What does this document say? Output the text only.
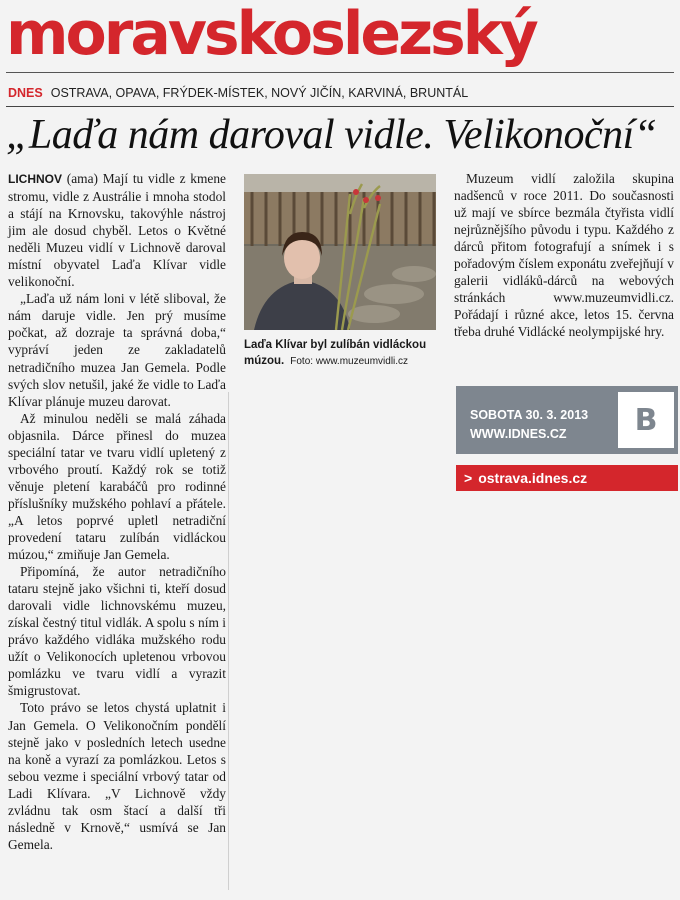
moravskoslezský
DNES OSTRAVA, OPAVA, FRÝDEK-MÍSTEK, NOVÝ JIČÍN, KARVINÁ, BRUNTÁL
„Laďa nám daroval vidle. Velikonoční“

LICHNOV (ama) Mají tu vidle z kmene stromu, vidle z Austrálie i mnoha stodol a stájí na Krnovsku, takovýhle nástroj jim ale dosud chyběl. Letos o Květné neděli Muzeu vidlí v Lichnově daroval místní obyvatel Laďa Klívar vidle velikonoční.

„Laďa už nám loni v létě sliboval, že nám daruje vidle. Jen prý musíme počkat, až dozraje ta správná doba,“ vypráví jeden ze zakladatelů netradičního muzea Jan Gemela. Podle svých slov netušil, jaké že vidle to Laďa Klívar plánuje muzeu darovat.

Až minulou neděli se malá záhada objasnila. Dárce přinesl do muzea speciální tatar ve tvaru vidlí upletený z vrbového proutí. Každý rok se totiž věnuje pletení karabáčů pro rodinné příslušníky mužského pohlaví a přátele. „A letos poprvé upletl netradiční provedení tataru zulíbán vidláckou múzou,“ zmiňuje Jan Gemela.

Připomíná, že autor netradičního tataru stejně jako všichni ti, kteří dosud darovali vidle lichnovskému muzeu, získal čestný titul vidlák. A spolu s ním i právo každého vidláka mužského rodu užít o Velikonocích upletenou vrbovou pomlázku ve tvaru vidlí a vyrazit šmigrustovat.

Toto právo se letos chystá uplatnit i Jan Gemela. O Velikonočním pondělí stejně jako v posledních letech usedne na koně a vyrazí za pomlázkou. Letos s sebou vezme i speciální vrbový tatar od Ladi Klívara. „V Lichnově vždy zvládnu tak osm štací a další tři následně v Krnově,“ usmívá se Jan Gemela.

Laďa Klívar byl zulíbán vidláckou múzou. Foto: www.muzeumvidli.cz
Muzeum vidlí založila skupina nadšenců v roce 2011. Do současnosti už mají ve sbírce bezmála čtyřista vidlí nejrůznějšího původu i typu. Každého z dárců přitom fotografují a snímek i s pořadovým číslem exponátu zveřejňují v galerii vidláků-dárců na webových stránkách www.muzeumvidli.cz. Pořádají i různé akce, letos 15. června třeba druhé Vidlácké neolympijské hry.
SOBOTA 30. 3. 2013
WWW.IDNES.CZ	B
> ostrava.idnes.cz
